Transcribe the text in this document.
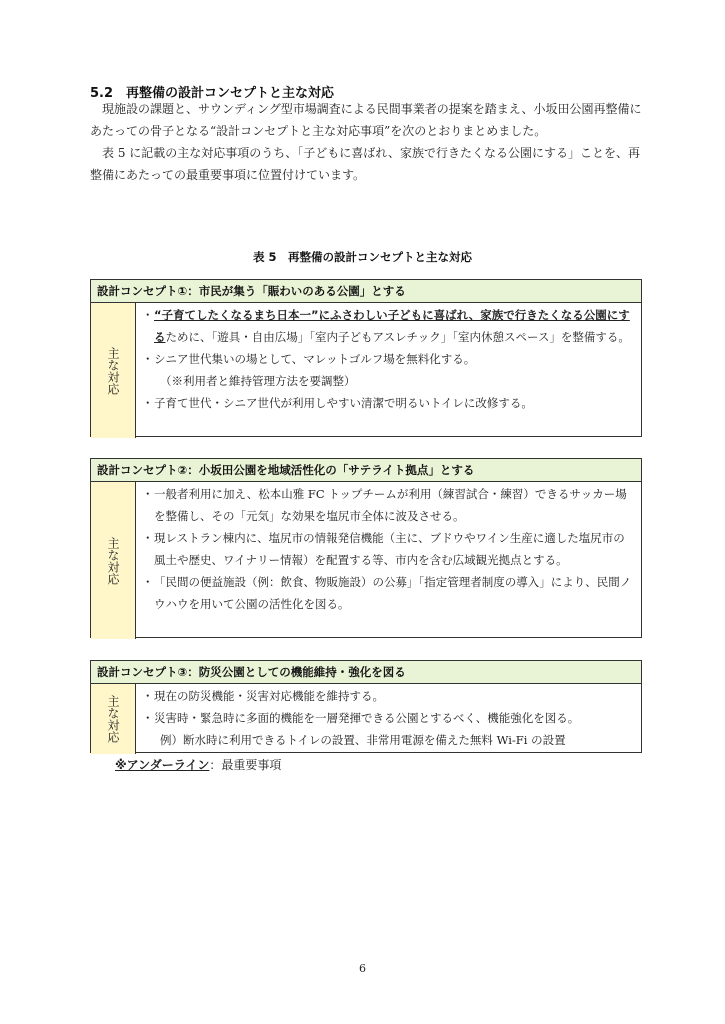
5.2 再整備の設計コンセプトと主な対応

　現施設の課題と、サウンディング型市場調査による民間事業者の提案を踏まえ、小坂田公園再整備にあたっての骨子となる“設計コンセプトと主な対応事項”を次のとおりまとめました。

　表 5 に記載の主な対応事項のうち、「子どもに喜ばれ、家族で行きたくなる公園にする」ことを、再整備にあたっての最重要事項に位置付けています。

表 5　再整備の設計コンセプトと主な対応
設計コンセプト①：市民が集う「賑わいのある公園」とする
主な対応
・ “子育てしたくなるまち日本一”にふさわしい子どもに喜ばれ、家族で行きたくなる公園にするために、「遊具・自由広場」「室内子どもアスレチック」「室内休憩スペース」を整備する。
・ シニア世代集いの場として、マレットゴルフ場を無料化する。
（※利用者と維持管理方法を要調整）
・ 子育て世代・シニア世代が利用しやすい清潔で明るいトイレに改修する。
設計コンセプト②：小坂田公園を地域活性化の「サテライト拠点」とする
主な対応
・ 一般者利用に加え、松本山雅 FC トップチームが利用（練習試合・練習）できるサッカー場を整備し、その「元気」な効果を塩尻市全体に波及させる。
・ 現レストラン棟内に、塩尻市の情報発信機能（主に、ブドウやワイン生産に適した塩尻市の風土や歴史、ワイナリー情報）を配置する等、市内を含む広域観光拠点とする。
・ 「民間の便益施設（例：飲食、物販施設）の公募」「指定管理者制度の導入」により、民間ノウハウを用いて公園の活性化を図る。
設計コンセプト③：防災公園としての機能維持・強化を図る
主な対応 ・ 現在の防災機能・災害対応機能を維持する。
・ 災害時・緊急時に多面的機能を一層発揮できる公園とするべく、機能強化を図る。
例）断水時に利用できるトイレの設置、非常用電源を備えた無料 Wi-Fi の設置
※アンダーライン：最重要事項
6
